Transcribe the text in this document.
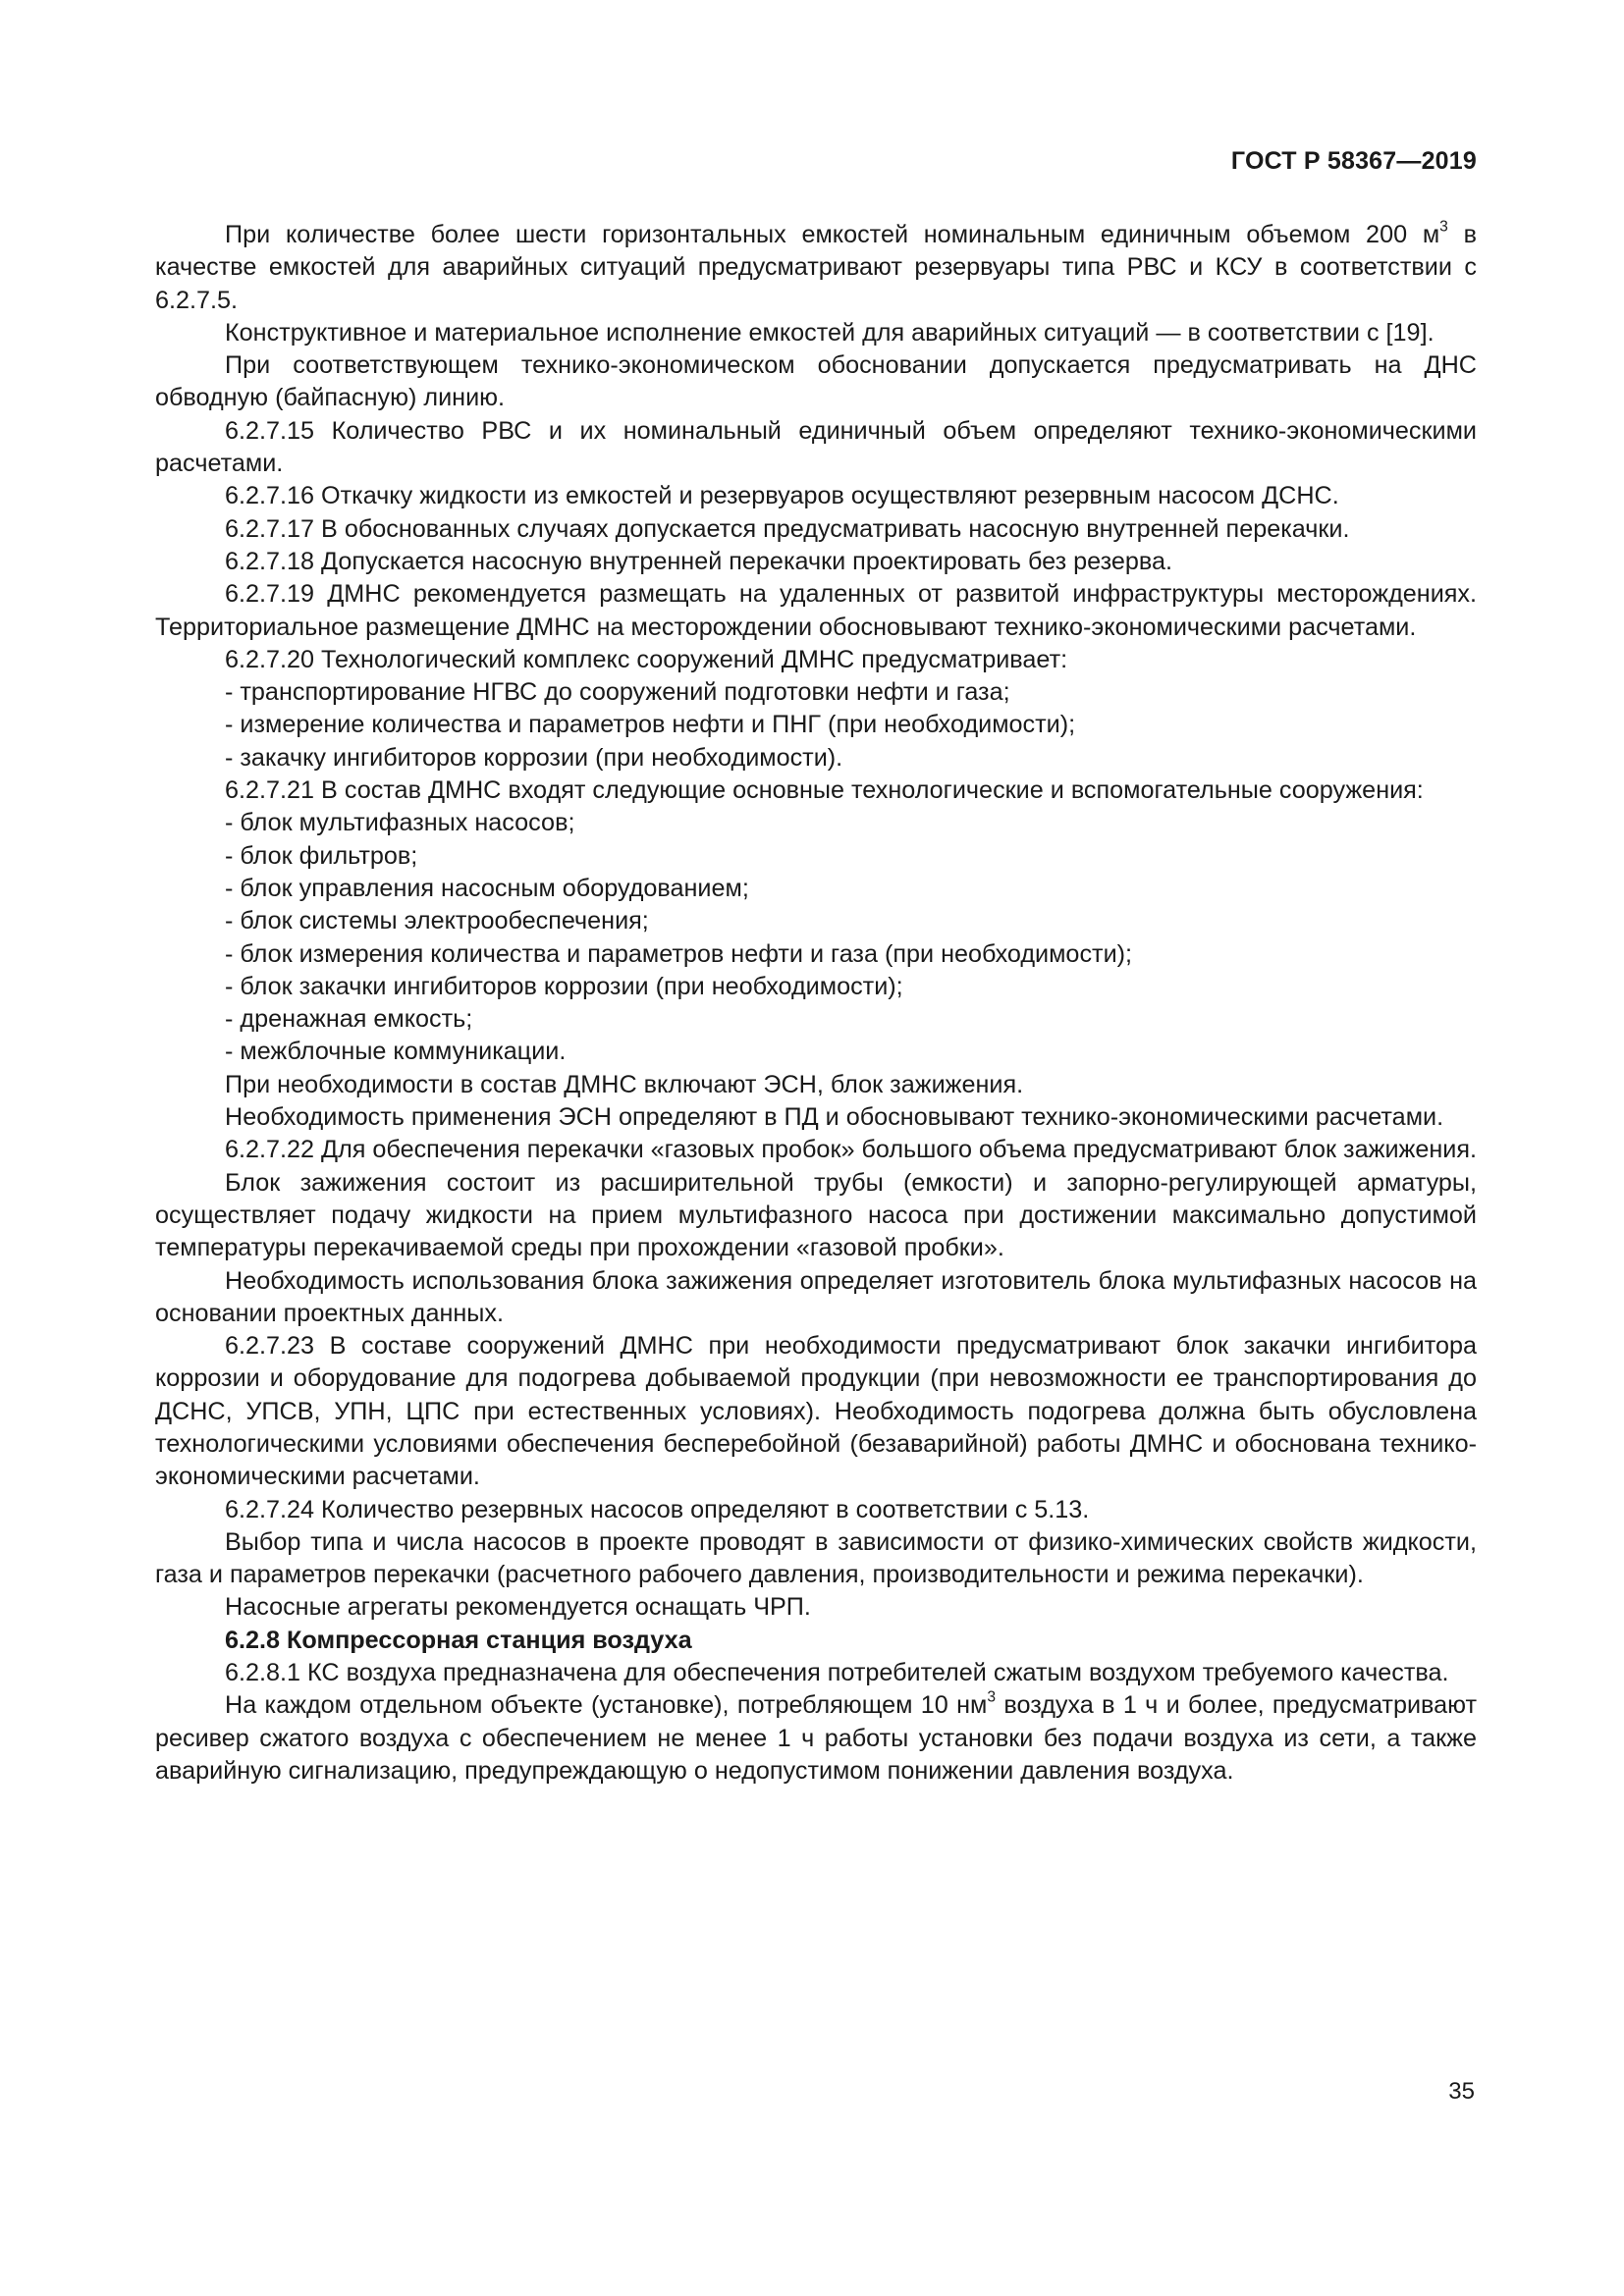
ГОСТ Р 58367—2019

При количестве более шести горизонтальных емкостей номинальным единичным объемом 200 $м^3$ в качестве емкостей для аварийных ситуаций предусматривают резервуары типа РВС и КСУ в соответствии с 6.2.7.5.

Конструктивное и материальное исполнение емкостей для аварийных ситуаций — в соответствии с [19].

При соответствующем технико-экономическом обосновании допускается предусматривать на ДНС обводную (байпасную) линию.

6.2.7.15 Количество РВС и их номинальный единичный объем определяют технико-экономическими расчетами.

6.2.7.16 Откачку жидкости из емкостей и резервуаров осуществляют резервным насосом ДСНС.

6.2.7.17 В обоснованных случаях допускается предусматривать насосную внутренней перекачки.

6.2.7.18 Допускается насосную внутренней перекачки проектировать без резерва.

6.2.7.19 ДМНС рекомендуется размещать на удаленных от развитой инфраструктуры месторождениях. Территориальное размещение ДМНС на месторождении обосновывают технико-экономическими расчетами.

6.2.7.20 Технологический комплекс сооружений ДМНС предусматривает:

- транспортирование НГВС до сооружений подготовки нефти и газа;

- измерение количества и параметров нефти и ПНГ (при необходимости);

- закачку ингибиторов коррозии (при необходимости).

6.2.7.21 В состав ДМНС входят следующие основные технологические и вспомогательные сооружения:

- блок мультифазных насосов;

- блок фильтров;

- блок управления насосным оборудованием;

- блок системы электрообеспечения;

- блок измерения количества и параметров нефти и газа (при необходимости);

- блок закачки ингибиторов коррозии (при необходимости);

- дренажная емкость;

- межблочные коммуникации.

При необходимости в состав ДМНС включают ЭСН, блок зажижения.

Необходимость применения ЭСН определяют в ПД и обосновывают технико-экономическими расчетами.

6.2.7.22 Для обеспечения перекачки «газовых пробок» большого объема предусматривают блок зажижения.

Блок зажижения состоит из расширительной трубы (емкости) и запорно-регулирующей арматуры, осуществляет подачу жидкости на прием мультифазного насоса при достижении максимально допустимой температуры перекачиваемой среды при прохождении «газовой пробки».

Необходимость использования блока зажижения определяет изготовитель блока мультифазных насосов на основании проектных данных.

6.2.7.23 В составе сооружений ДМНС при необходимости предусматривают блок закачки ингибитора коррозии и оборудование для подогрева добываемой продукции (при невозможности ее транспортирования до ДСНС, УПСВ, УПН, ЦПС при естественных условиях). Необходимость подогрева должна быть обусловлена технологическими условиями обеспечения бесперебойной (безаварийной) работы ДМНС и обоснована технико-экономическими расчетами.

6.2.7.24 Количество резервных насосов определяют в соответствии с 5.13.

Выбор типа и числа насосов в проекте проводят в зависимости от физико-химических свойств жидкости, газа и параметров перекачки (расчетного рабочего давления, производительности и режима перекачки).

Насосные агрегаты рекомендуется оснащать ЧРП.

6.2.8 Компрессорная станция воздуха

6.2.8.1 КС воздуха предназначена для обеспечения потребителей сжатым воздухом требуемого качества.

На каждом отдельном объекте (установке), потребляющем 10 $нм^3$ воздуха в 1 ч и более, предусматривают ресивер сжатого воздуха с обеспечением не менее 1 ч работы установки без подачи воздуха из сети, а также аварийную сигнализацию, предупреждающую о недопустимом понижении давления воздуха.

35
